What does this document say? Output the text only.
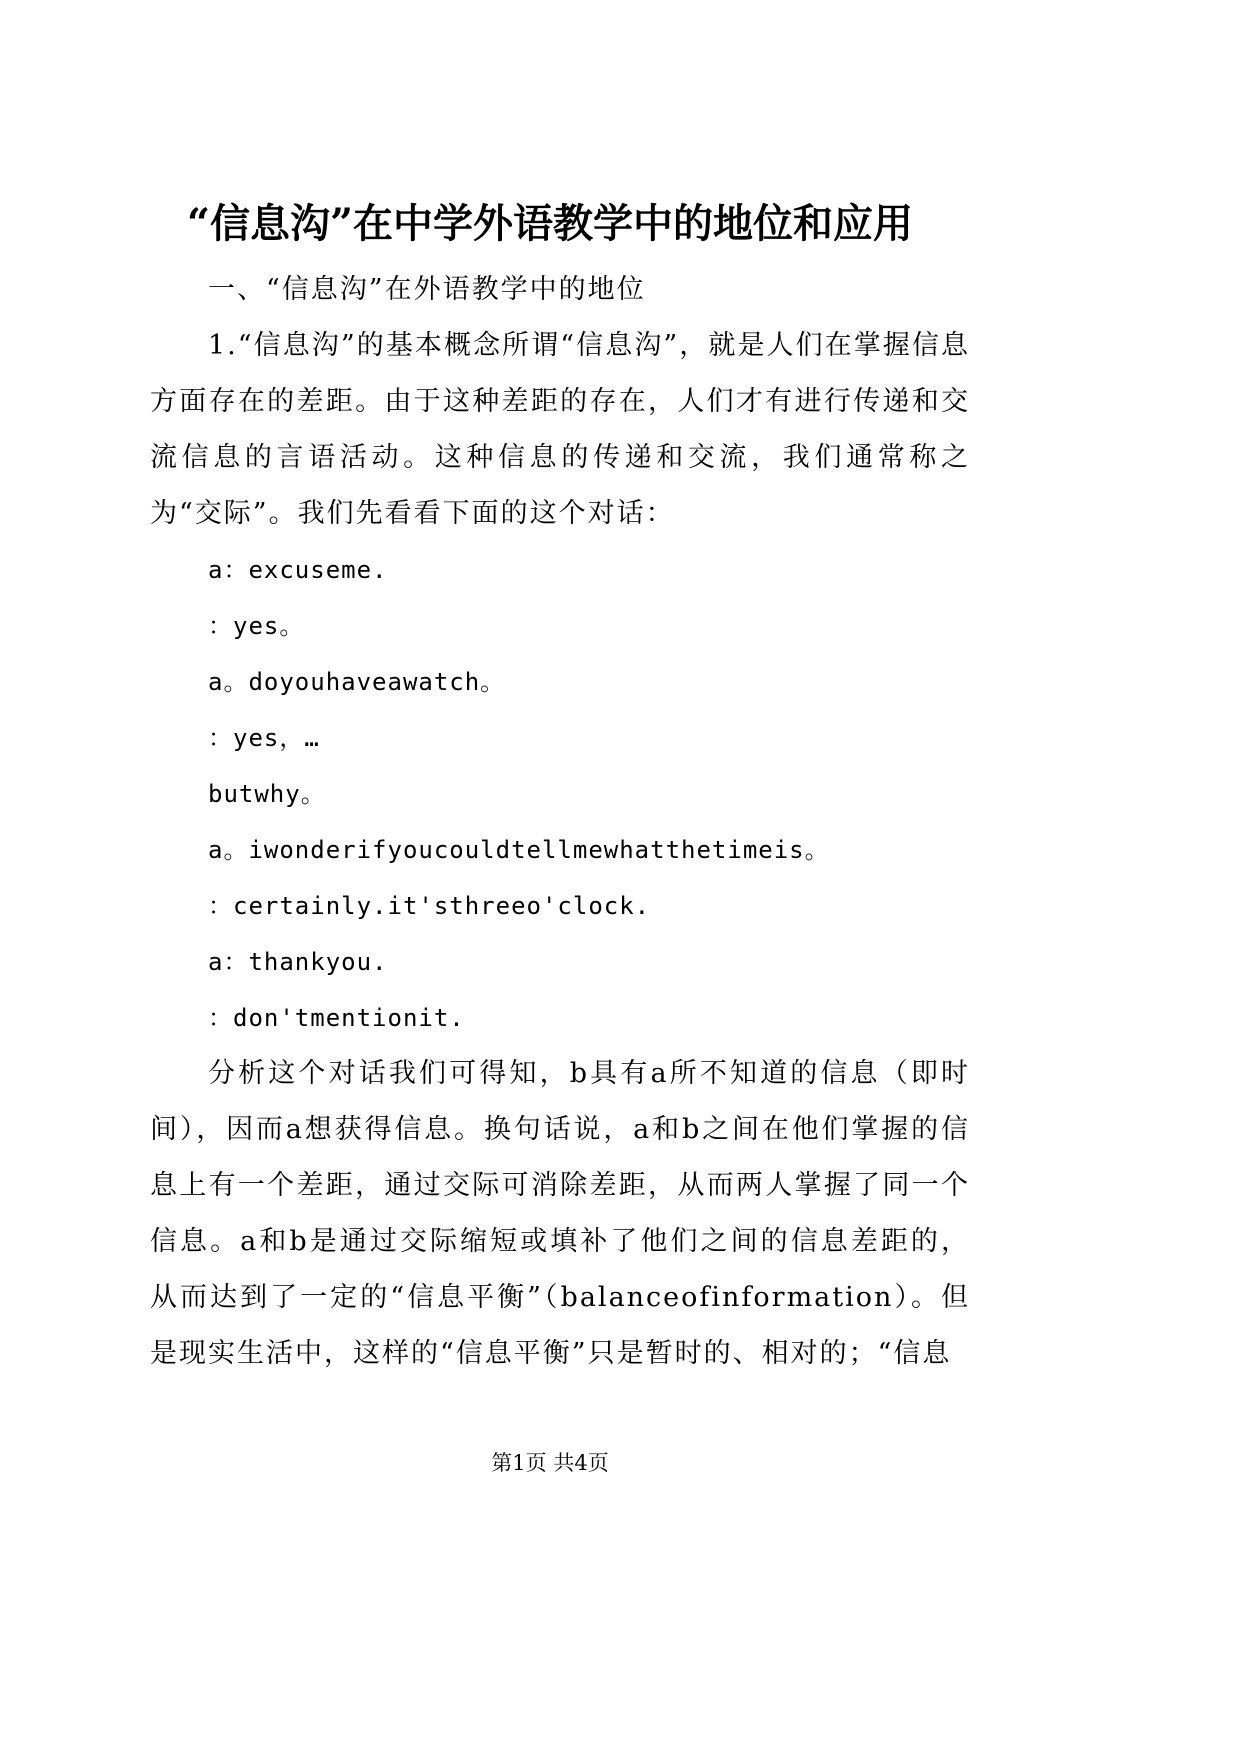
“信息沟”在中学外语教学中的地位和应用

一、“信息沟”在外语教学中的地位

1.“信息沟”的基本概念所谓“信息沟”，就是人们在掌握信息方面存在的差距。由于这种差距的存在，人们才有进行传递和交流信息的言语活动。这种信息的传递和交流，我们通常称之为“交际”。我们先看看下面的这个对话：

a：excuseme.

：yes。

a。doyouhaveawatch。

：yes，…

butwhy。

a。iwonderifyoucouldtellmewhatthetimeis。

：certainly.it'sthreeo'clock.

a：thankyou.

：don'tmentionit.

分析这个对话我们可得知，b具有a所不知道的信息（即时间），因而a想获得信息。换句话说，a和b之间在他们掌握的信息上有一个差距，通过交际可消除差距，从而两人掌握了同一个信息。a和b是通过交际缩短或填补了他们之间的信息差距的，从而达到了一定的“信息平衡”（balanceofinformation）。但是现实生活中，这样的“信息平衡”只是暂时的、相对的；“信息

第1页 共4页
